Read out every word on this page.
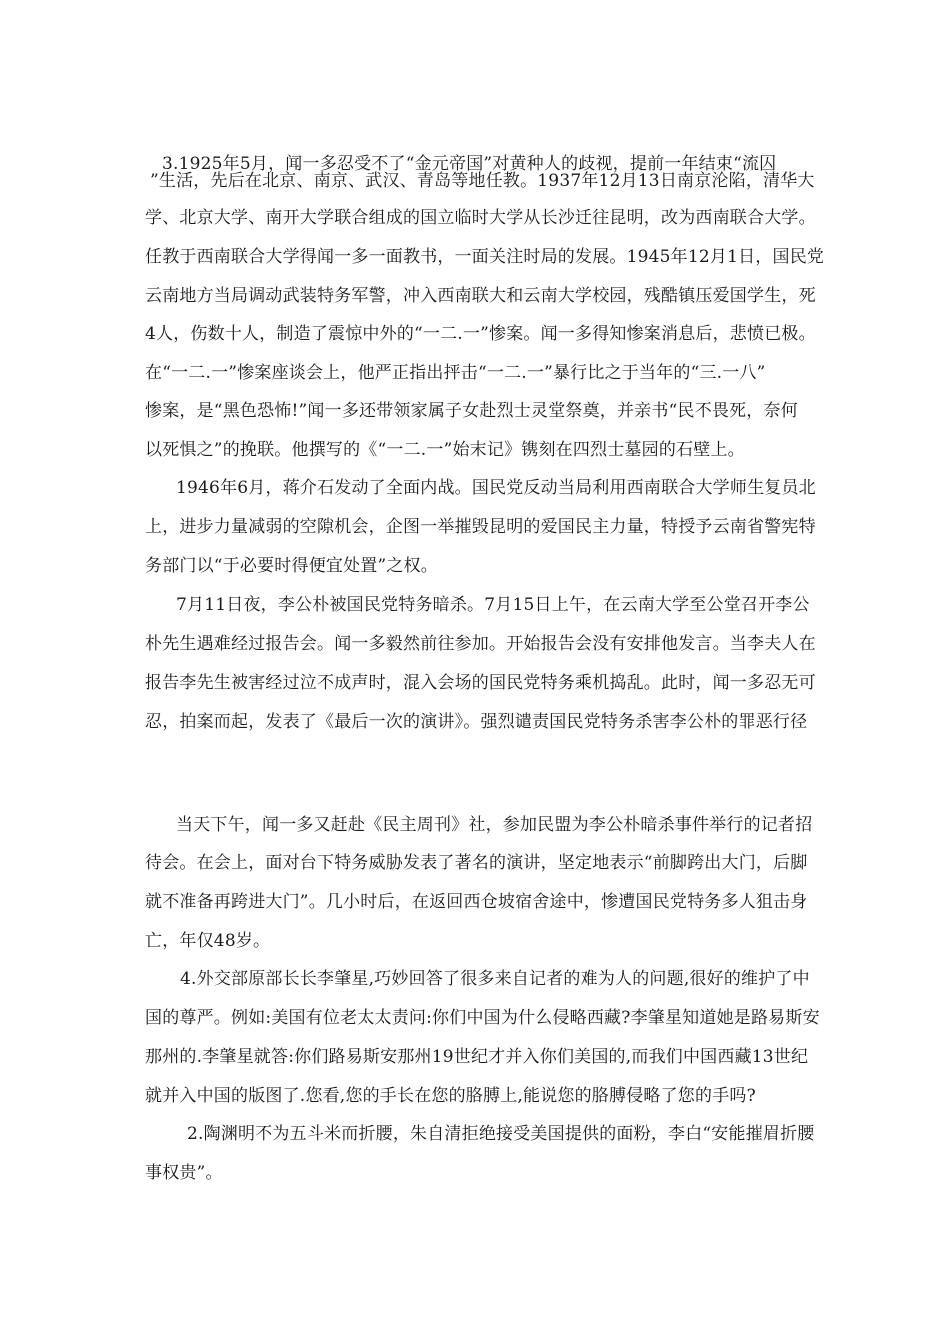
3.1925年5月，闻一多忍受不了“金元帝国”对黄种人的歧视，提前一年结束“流囚
”生活，先后在北京、南京、武汉、青岛等地任教。1937年12月13日南京沦陷，清华大
学、北京大学、南开大学联合组成的国立临时大学从长沙迁往昆明，改为西南联合大学。
任教于西南联合大学得闻一多一面教书，一面关注时局的发展。1945年12月1日，国民党
云南地方当局调动武装特务军警，冲入西南联大和云南大学校园，残酷镇压爱国学生，死
4人，伤数十人，制造了震惊中外的“一二.一”惨案。闻一多得知惨案消息后，悲愤已极。
在“一二.一”惨案座谈会上，他严正指出抨击“一二.一”暴行比之于当年的“三.一八”
惨案，是“黑色恐怖!”闻一多还带领家属子女赴烈士灵堂祭奠，并亲书“民不畏死，奈何
以死惧之”的挽联。他撰写的《“一二.一”始末记》镌刻在四烈士墓园的石壁上。
1946年6月，蒋介石发动了全面内战。国民党反动当局利用西南联合大学师生复员北
上，进步力量减弱的空隙机会，企图一举摧毁昆明的爱国民主力量，特授予云南省警宪特
务部门以“于必要时得便宜处置”之权。
7月11日夜，李公朴被国民党特务暗杀。7月15日上午，在云南大学至公堂召开李公
朴先生遇难经过报告会。闻一多毅然前往参加。开始报告会没有安排他发言。当李夫人在
报告李先生被害经过泣不成声时，混入会场的国民党特务乘机捣乱。此时，闻一多忍无可
忍，拍案而起，发表了《最后一次的演讲》。强烈谴责国民党特务杀害李公朴的罪恶行径
当天下午，闻一多又赶赴《民主周刊》社，参加民盟为李公朴暗杀事件举行的记者招
待会。在会上，面对台下特务威胁发表了著名的演讲，坚定地表示“前脚跨出大门，后脚
就不准备再跨进大门”。几小时后，在返回西仓坡宿舍途中，惨遭国民党特务多人狙击身
亡，年仅48岁。
4.外交部原部长长李肇星,巧妙回答了很多来自记者的难为人的问题,很好的维护了中
国的尊严。例如:美国有位老太太责问:你们中国为什么侵略西藏?李肇星知道她是路易斯安
那州的.李肇星就答:你们路易斯安那州19世纪才并入你们美国的,而我们中国西藏13世纪
就并入中国的版图了.您看,您的手长在您的胳膊上,能说您的胳膊侵略了您的手吗?
2.陶渊明不为五斗米而折腰，朱自清拒绝接受美国提供的面粉，李白“安能摧眉折腰
事权贵”。
